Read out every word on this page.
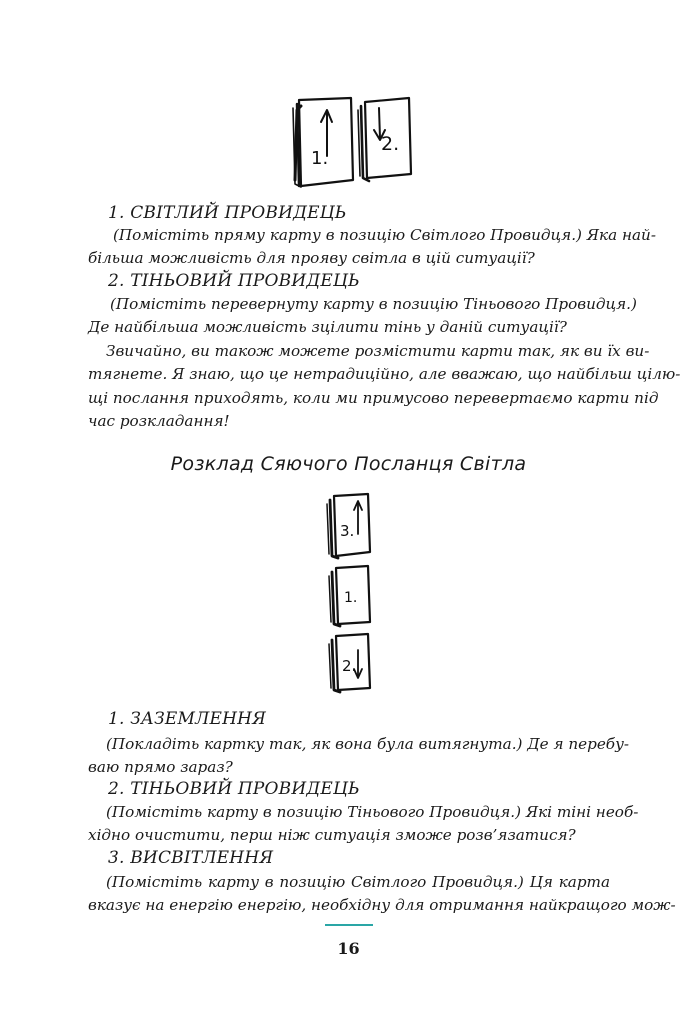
1.
2.
1. СВІТЛИЙ ПРОВИДЕЦЬ
(Помістіть пряму карту в позицію Світлого Провидця.) Яка най-
більша можливість для прояву світла в цій ситуації?
2. ТІНЬОВИЙ ПРОВИДЕЦЬ
(Помістіть перевернуту карту в позицію Тіньового Провидця.)
Де найбільша можливість зцілити тінь у даній ситуації?
Звичайно, ви також можете розмістити карти так, як ви їх ви-
тягнете. Я знаю, що це нетрадиційно, але вважаю, що найбільш цілю-
щі послання приходять, коли ми примусово перевертаємо карти під
час розкладання!
Розклад Сяючого Посланця Світла
3.
1.
2.
1. ЗАЗЕМЛЕННЯ
(Покладіть картку так, як вона була витягнута.) Де я перебу-
ваю прямо зараз?
2. ТІНЬОВИЙ ПРОВИДЕЦЬ
(Помістіть карту в позицію Тіньового Провидця.) Які тіні необ-
хідно очистити, перш ніж ситуація зможе розв’язатися?
3. ВИСВІТЛЕННЯ
(Помістіть карту в позицію Світлого Провидця.) Ця карта
вказує на енергію енергію, необхідну для отримання найкращого мож-
16
